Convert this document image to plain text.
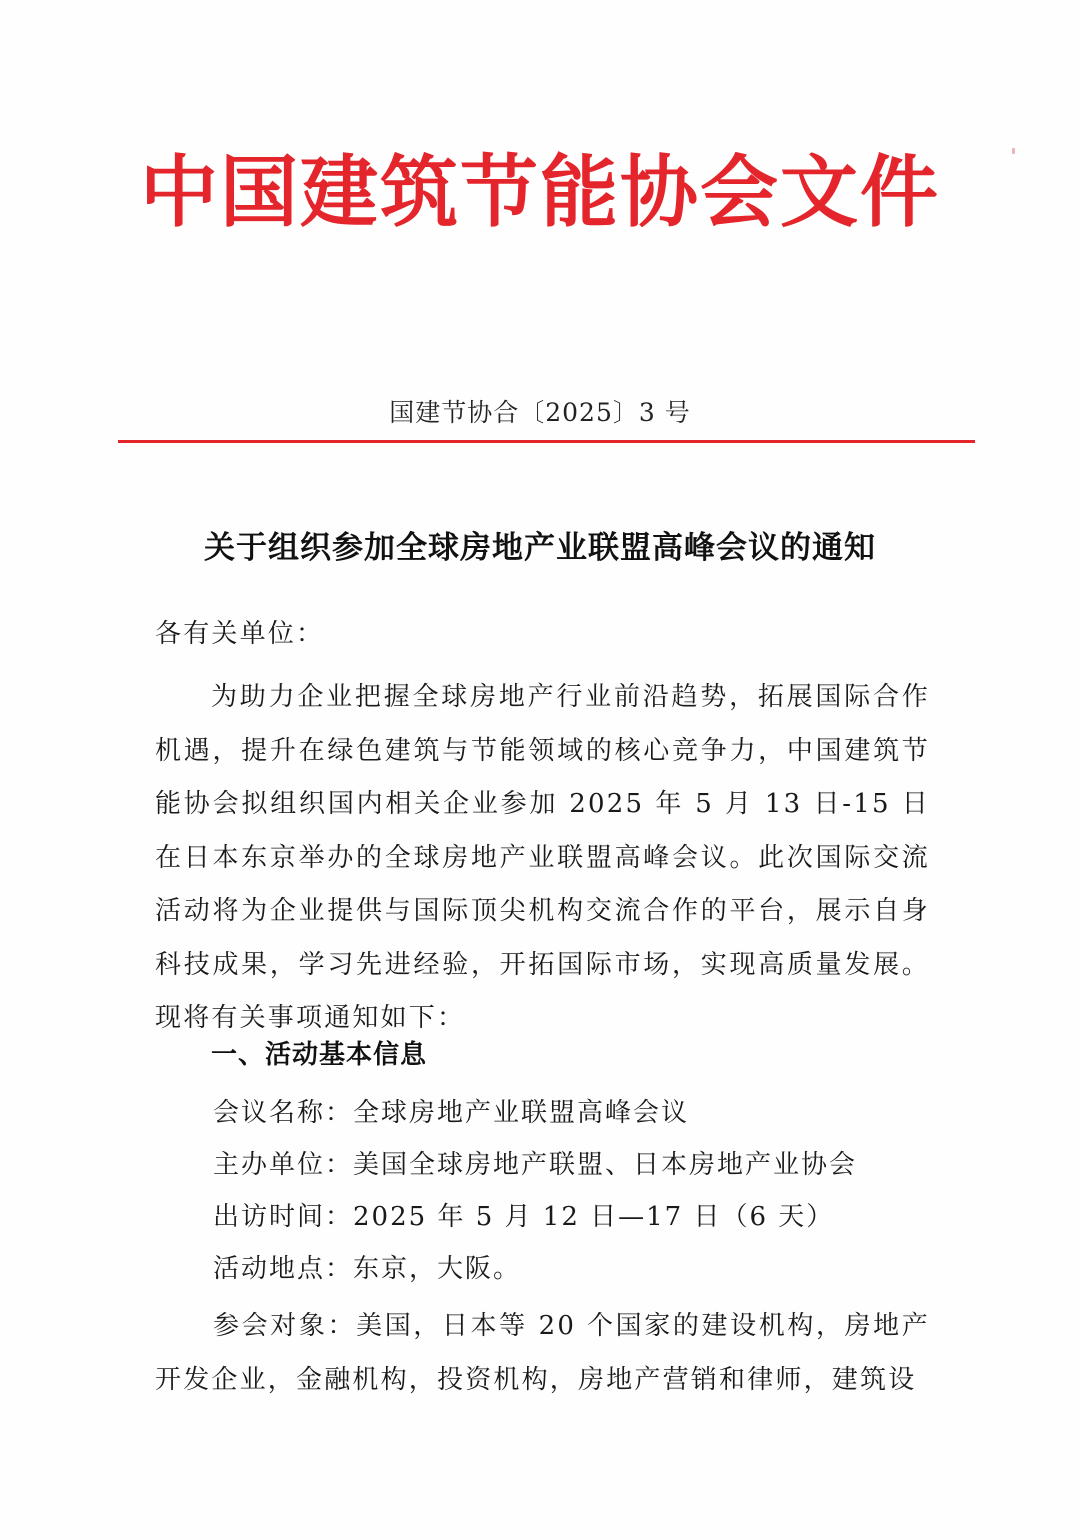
中国建筑节能协会文件
国建节协合〔2025〕3 号
关于组织参加全球房地产业联盟高峰会议的通知
各有关单位：
为助力企业把握全球房地产行业前沿趋势，拓展国际合作机遇，提升在绿色建筑与节能领域的核心竞争力，中国建筑节能协会拟组织国内相关企业参加 2025 年 5 月 13 日-15 日在日本东京举办的全球房地产业联盟高峰会议。此次国际交流活动将为企业提供与国际顶尖机构交流合作的平台，展示自身科技成果，学习先进经验，开拓国际市场，实现高质量发展。现将有关事项通知如下：
一、活动基本信息
会议名称：全球房地产业联盟高峰会议
主办单位：美国全球房地产联盟、日本房地产业协会
出访时间：2025 年 5 月 12 日—17 日（6 天）
活动地点：东京，大阪。
参会对象：美国，日本等 20 个国家的建设机构，房地产开发企业，金融机构，投资机构，房地产营销和律师，建筑设
